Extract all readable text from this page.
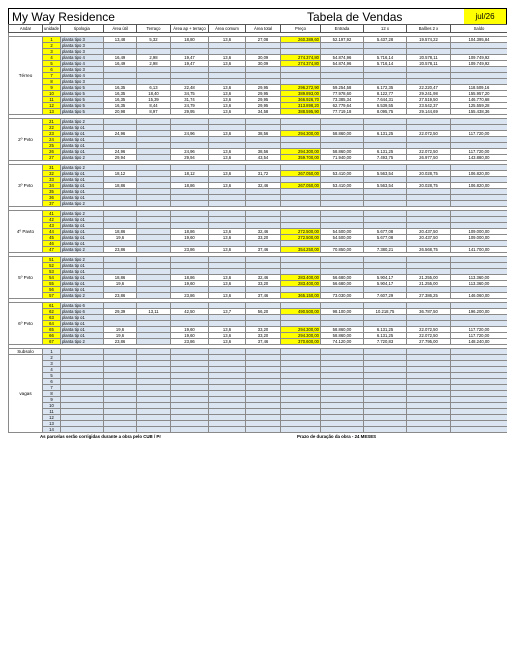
My Way Residence	Tabela de Vendas	jul/26
Andar	unidade	tipologia	Área útil	Terraço	Área ap + terraço	Área comum	Área total	Preço	Entrada	12 x	Balões 2 x	Saldo

Térreo	1	planta tipo 3	13,48	5,32	18,80	13,6	27,08	260.389,60	52.197,92	5.437,28	19.574,22	104.395,84
	2	planta tipo 3										
	3	planta tipo 3										
	4	planta tipo 4	16,49	2,98	19,47	13,6	30,09	274.374,80	54.874,96	5.716,14	20.578,11	109.749,92
	5	planta tipo 4	16,49	2,98	19,47	13,6	30,09	274.374,80	54.874,96	5.716,14	20.578,11	109.749,92
	6	planta tipo 3										
	7	planta tipo 4										
	8	planta tipo 3										
	9	planta tipo 5	16,35	6,13	22,48	13,6	29,95	296.272,90	59.254,58	6.172,35	22.220,47	118.509,16
	10	planta tipo 5	16,35	18,40	34,75	13,6	29,95	389.893,00	77.978,60	8.122,77	29.241,98	155.957,20
	11	planta tipo 5	16,35	15,39	31,74	13,6	29,95	366.926,70	73.385,34	7.644,31	27.519,50	146.770,68
	12	planta tipo 5	16,35	8,44	24,79	13,6	29,95	313.898,20	62.779,64	6.539,55	23.542,37	125.559,28
	13	planta tipo 5	20,98	8,97	29,95	13,6	34,58	388.595,90	77.719,18	8.095,75	29.144,69	155.438,36

2º Pvto	21	planta tipo 2										
	22	planta tip o1										
	23	planta tip o1	24,96		24,96	13,6	38,56	294.300,00	58.860,00	6.131,25	22.072,50	117.720,00
	24	planta tip o1										
	25	planta tip o1										
	26	planta tip o1	24,96		24,96	13,6	38,56	294.300,00	58.860,00	6.131,25	22.072,50	117.720,00
	27	planta tipo 2	29,94		29,94	13,6	43,54	359.700,00	71.940,00	7.493,75	26.977,50	143.880,00

3º Pvto	31	planta tipo 2										
	32	planta tip o1	18,12		18,12	13,6	31,72	267.050,00	53.410,00	5.563,54	20.028,75	106.820,00
	33	planta tip o1										
	34	planta tip o1	18,86		18,86	13,6	32,46	267.050,00	53.410,00	5.563,54	20.028,75	106.820,00
	35	planta tip o1										
	36	planta tip o1										
	37	planta tipo 2										

4º Pavto	41	planta tipo 2										
	42	planta tip o1										
	43	planta tip o1										
	44	planta tip o1	18,86		18,86	13,6	32,46	272.500,00	54.500,00	5.677,08	20.437,50	109.000,00
	45	planta tip o1	19,6		19,60	13,6	33,20	272.500,00	54.500,00	5.677,08	20.437,50	109.000,00
	46	planta tip o1										
	47	planta tipo 2	23,86		23,86	13,6	37,46	354.250,00	70.850,00	7.380,21	26.568,75	141.700,00

5º Pvto	51	planta tipo 2										
	52	planta tip o1										
	53	planta tip o1										
	54	planta tip o1	18,86		18,86	13,6	32,46	283.400,00	56.680,00	5.904,17	21.255,00	113.360,00
	55	planta tip o1	19,6		19,60	13,6	33,20	283.400,00	56.680,00	5.904,17	21.255,00	113.360,00
	56	planta tip o1										
	57	planta tipo 2	23,86		23,86	13,6	37,46	365.150,00	73.030,00	7.607,29	27.386,25	146.060,00

6º Pvto	61	planta tipo 6										
	62	planta tipo 6	29,39	13,11	42,50	13,7	56,20	490.500,00	98.100,00	10.218,75	36.787,50	196.200,00
	63	planta tip o1										
	64	planta tip o1										
	65	planta tip o1	19,6		19,60	13,6	33,20	294.300,00	58.860,00	6.131,25	22.072,50	117.720,00
	66	planta tip o1	19,6		19,60	13,6	33,20	294.300,00	58.860,00	6.131,25	22.072,50	117.720,00
	67	planta tipo 2	23,86		23,86	13,6	37,46	370.600,00	74.120,00	7.720,83	27.795,00	148.240,00

Subsolo	1											
vagas	2											
	3											
	4											
	5											
	6											
	7											
	8											
	9											
	10											
	11											
	12											
	13											
	14											
As parcelas serão corrigidas durante a obra pelo CUB / Pr	Prazo de duração da obra - 24 MESES
